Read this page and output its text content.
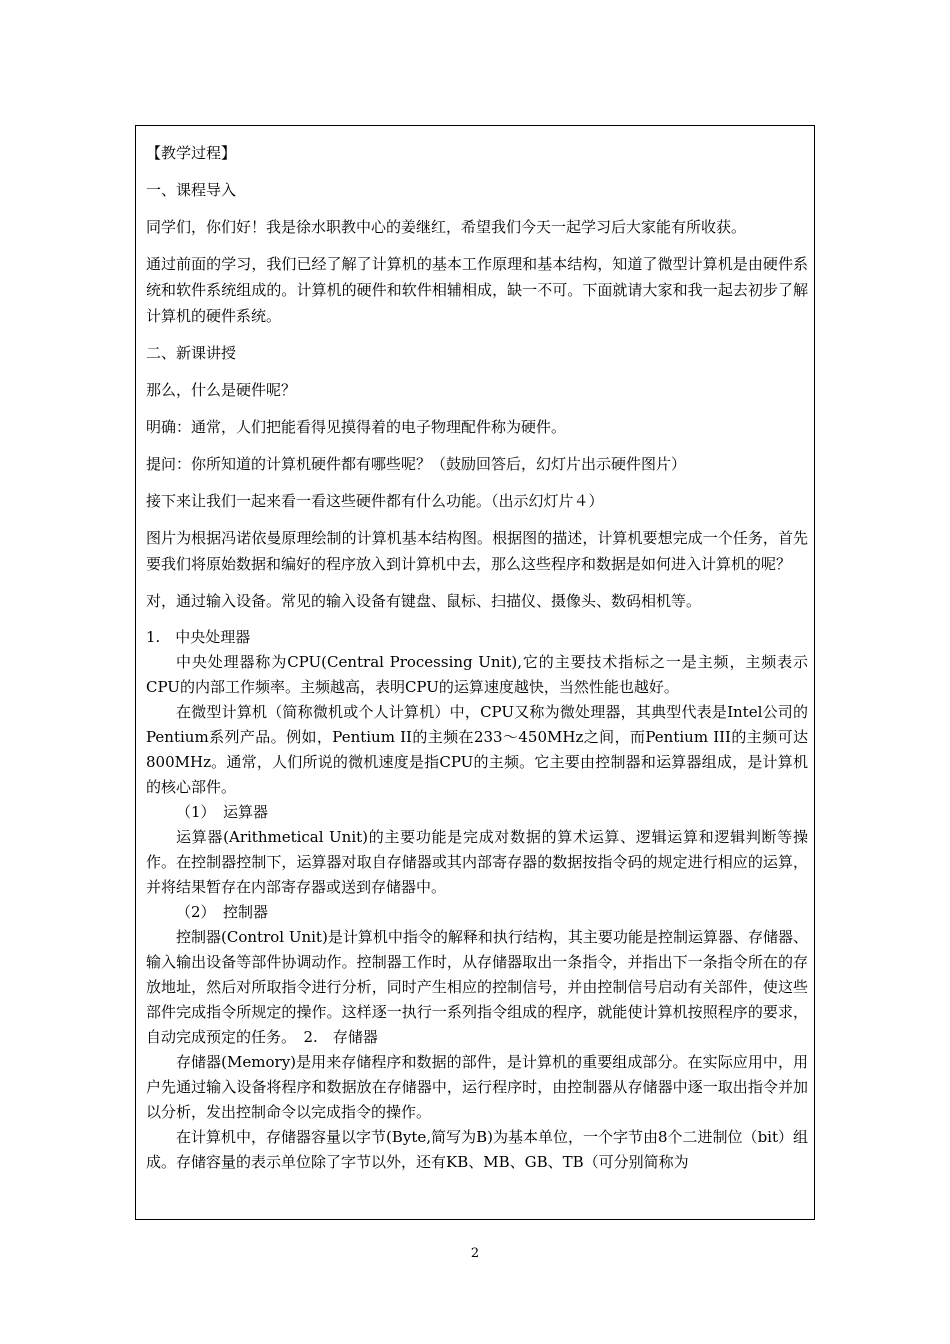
【教学过程】

一、课程导入

同学们，你们好！我是徐水职教中心的姜继红，希望我们今天一起学习后大家能有所收获。

通过前面的学习，我们已经了解了计算机的基本工作原理和基本结构，知道了微型计算机是由硬件系统和软件系统组成的。计算机的硬件和软件相辅相成，缺一不可。下面就请大家和我一起去初步了解计算机的硬件系统。

二、新课讲授

那么，什么是硬件呢？

明确：通常，人们把能看得见摸得着的电子物理配件称为硬件。

提问：你所知道的计算机硬件都有哪些呢？（鼓励回答后，幻灯片出示硬件图片）

接下来让我们一起来看一看这些硬件都有什么功能。（出示幻灯片４）

图片为根据冯诺依曼原理绘制的计算机基本结构图。根据图的描述，计算机要想完成一个任务，首先要我们将原始数据和编好的程序放入到计算机中去，那么这些程序和数据是如何进入计算机的呢？

对，通过输入设备。常见的输入设备有键盘、鼠标、扫描仪、摄像头、数码相机等。

1.　中央处理器

中央处理器称为CPU(Central Processing Unit),它的主要技术指标之一是主频，主频表示CPU的内部工作频率。主频越高，表明CPU的运算速度越快，当然性能也越好。

在微型计算机（简称微机或个人计算机）中，CPU又称为微处理器，其典型代表是Intel公司的Pentium系列产品。例如，Pentium II的主频在233～450MHz之间，而Pentium III的主频可达800MHz。通常，人们所说的微机速度是指CPU的主频。它主要由控制器和运算器组成，是计算机的核心部件。

（1）　运算器

运算器(Arithmetical Unit)的主要功能是完成对数据的算术运算、逻辑运算和逻辑判断等操作。在控制器控制下，运算器对取自存储器或其内部寄存器的数据按指令码的规定进行相应的运算，并将结果暂存在内部寄存器或送到存储器中。

（2）　控制器

控制器(Control Unit)是计算机中指令的解释和执行结构，其主要功能是控制运算器、存储器、输入输出设备等部件协调动作。控制器工作时，从存储器取出一条指令，并指出下一条指令所在的存放地址，然后对所取指令进行分析，同时产生相应的控制信号，并由控制信号启动有关部件，使这些部件完成指令所规定的操作。这样逐一执行一系列指令组成的程序，就能使计算机按照程序的要求，自动完成预定的任务。　2.　存储器

存储器(Memory)是用来存储程序和数据的部件，是计算机的重要组成部分。在实际应用中，用户先通过输入设备将程序和数据放在存储器中，运行程序时，由控制器从存储器中逐一取出指令并加以分析，发出控制命令以完成指令的操作。

在计算机中，存储器容量以字节(Byte,简写为B)为基本单位，一个字节由8个二进制位（bit）组成。存储容量的表示单位除了字节以外，还有KB、MB、GB、TB（可分别简称为

2
